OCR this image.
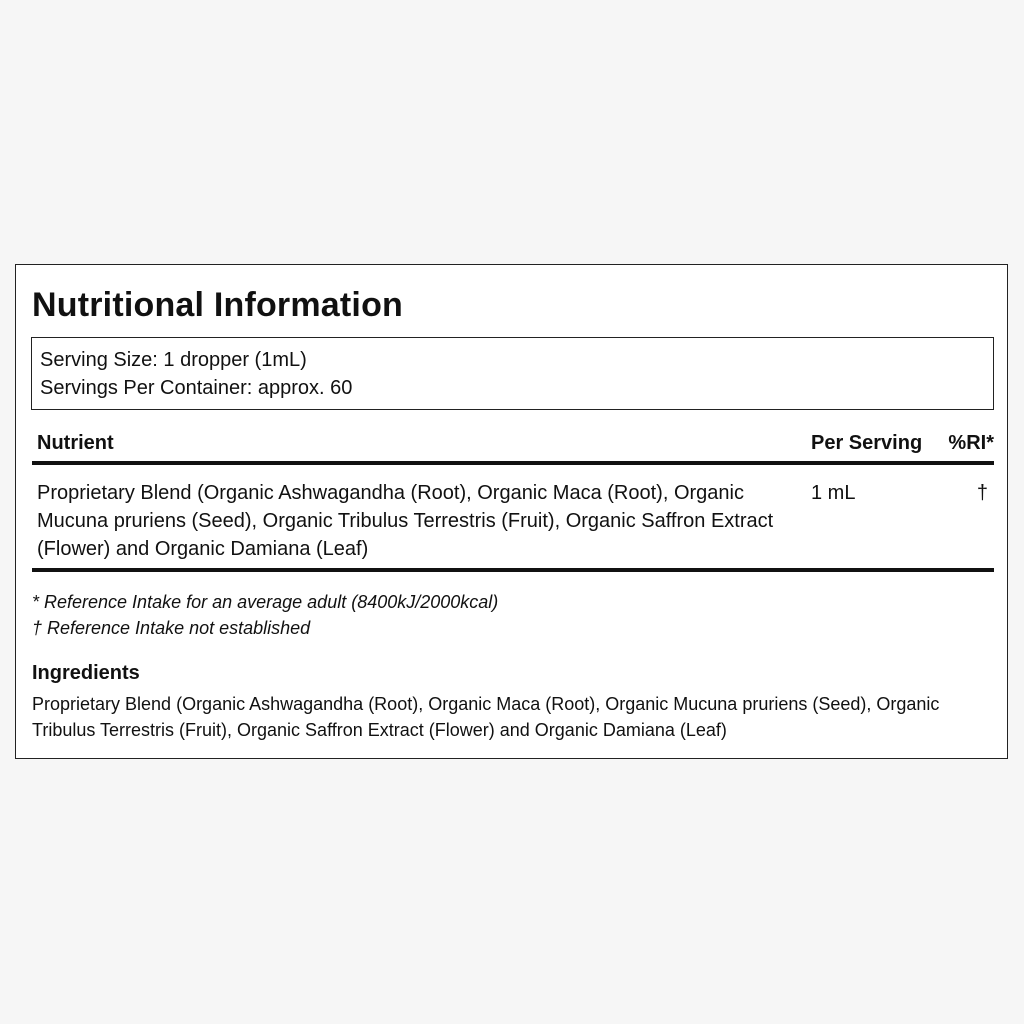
Nutritional Information
Serving Size: 1 dropper (1mL)
Servings Per Container: approx. 60
Nutrient	Per Serving %RI*
Proprietary Blend (Organic Ashwagandha (Root), Organic Maca (Root), Organic Mucuna pruriens (Seed), Organic Tribulus Terrestris (Fruit), Organic Saffron Extract (Flower) and Organic Damiana (Leaf)
1 mL	†
* Reference Intake for an average adult (8400kJ/2000kcal)
† Reference Intake not established
Ingredients
Proprietary Blend (Organic Ashwagandha (Root), Organic Maca (Root), Organic Mucuna pruriens (Seed), Organic Tribulus Terrestris (Fruit), Organic Saffron Extract (Flower) and Organic Damiana (Leaf)
